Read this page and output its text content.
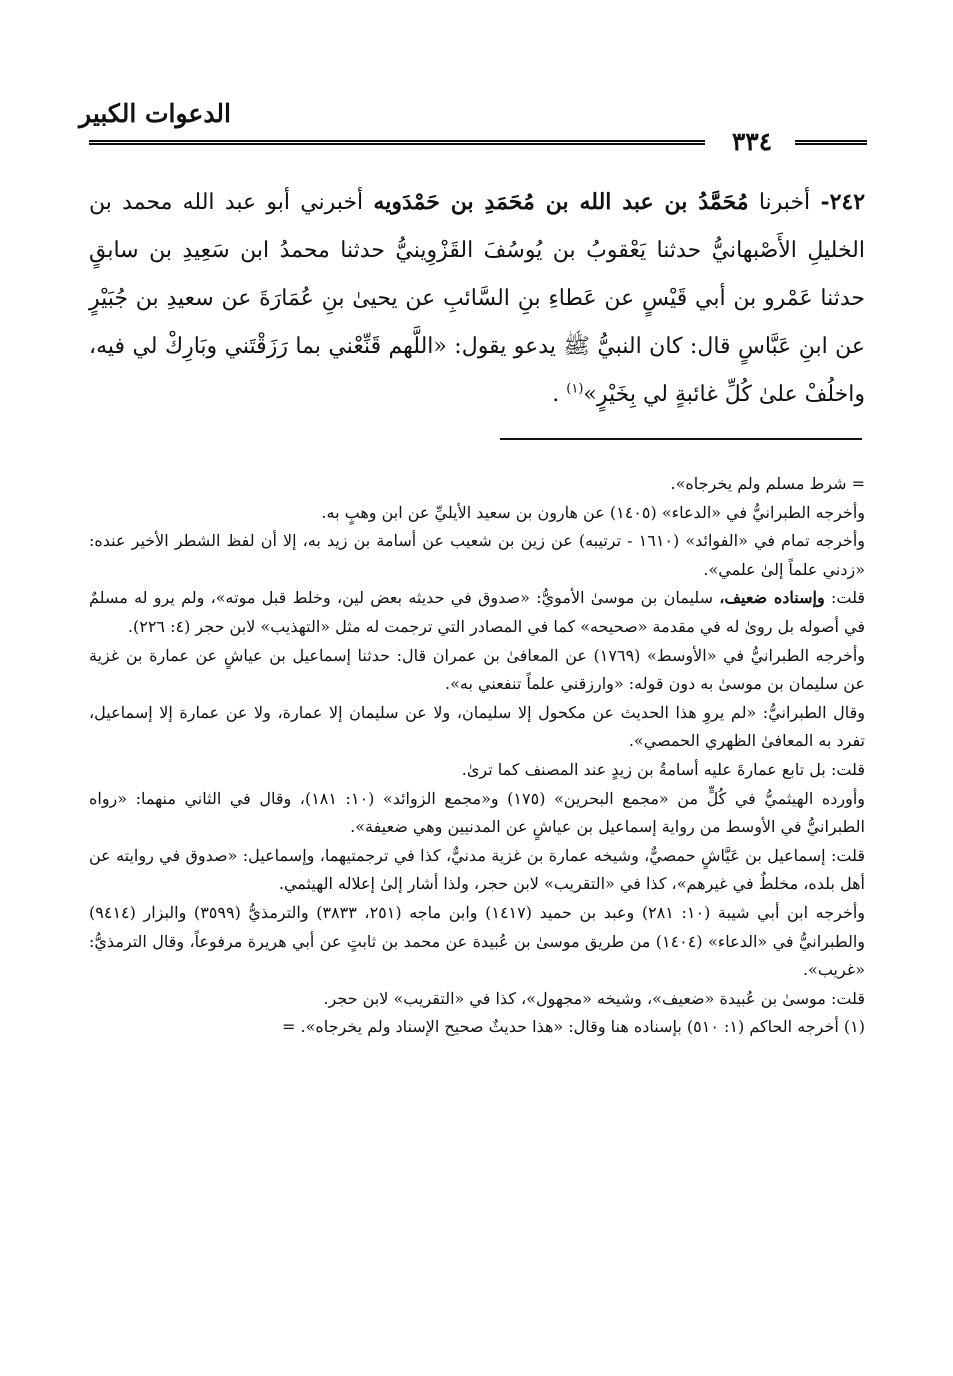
الدعوات الكبير
٣٣٤
٢٤٢- أخبرنا مُحَمَّدُ بن عبد الله بن مُحَمَدِ بن حَمْدَويه أخبرني أبو عبد الله محمد بن الخليلِ الأَصْبهانيُّ حدثنا يَعْقوبُ بن يُوسُفَ القَزْوِينيُّ حدثنا محمدُ ابن سَعِيدِ بن سابقٍ حدثنا عَمْرو بن أبي قَيْسٍ عن عَطاءِ بنِ السَّائبِ عن يحيىٰ بنِ عُمَارَةَ عن سعيدِ بن جُبَيْرٍ عن ابنِ عَبَّاسٍ قال: كان النبيُّ ﷺ يدعو يقول: «اللَّهم قَنِّعْني بما رَزَقْتَني وبَارِكْ لي فيه، واخلُفْ علىٰ كُلِّ غائبةٍ لي بِخَيْرٍ»$^{(١)}$ .

= شرط مسلم ولم يخرجاه».

وأخرجه الطبرانيُّ في «الدعاء» (١٤٠٥) عن هارون بن سعيد الأيليِّ عن ابن وهبٍ به.

وأخرجه تمام في «الفوائد» (١٦١٠ - ترتيبه) عن زين بن شعيب عن أسامة بن زيد به، إلا أن لفظ الشطر الأخير عنده: «زدني علماً إلىٰ علمي».

قلت: وإسناده ضعيف، سليمان بن موسىٰ الأمويُّ: «صدوق في حديثه بعض لين، وخلط قبل موته»، ولم يرو له مسلمٌ في أصوله بل روىٰ له في مقدمة «صحيحه» كما في المصادر التي ترجمت له مثل «التهذيب» لابن حجر (٤: ٢٢٦).

وأخرجه الطبرانيُّ في «الأوسط» (١٧٦٩) عن المعافىٰ بن عمران قال: حدثنا إسماعيل بن عياشٍ عن عمارة بن غزية عن سليمان بن موسىٰ به دون قوله: «وارزقني علماً تنفعني به».

وقال الطبرانيُّ: «لم يروِ هذا الحديث عن مكحول إلا سليمان، ولا عن سليمان إلا عمارة، ولا عن عمارة إلا إسماعيل، تفرد به المعافىٰ الظهري الحمصي».

قلت: بل تابع عمارةَ عليه أسامةُ بن زيدٍ عند المصنف كما ترىٰ.

وأورده الهيثميُّ في كُلٍّ من «مجمع البحرين» (١٧٥) و«مجمع الزوائد» (١٠: ١٨١)، وقال في الثاني منهما: «رواه الطبرانيُّ في الأوسط من رواية إسماعيل بن عياشٍ عن المدنيين وهي ضعيفة».

قلت: إسماعيل بن عَيَّاشٍ حمصيٌّ، وشيخه عمارة بن غزية مدنيٌّ، كذا في ترجمتيهما، وإسماعيل: «صدوق في روايته عن أهل بلده، مخلطٌ في غيرهم»، كذا في «التقريب» لابن حجر، ولذا أشار إلىٰ إعلاله الهيثمي.

وأخرجه ابن أبي شيبة (١٠: ٢٨١) وعبد بن حميد (١٤١٧) وابن ماجه (٢٥١، ٣٨٣٣) والترمذيُّ (٣٥٩٩) والبزار (٩٤١٤) والطبرانيُّ في «الدعاء» (١٤٠٤) من طريق موسىٰ بن عُبيدة عن محمد بن ثابتٍ عن أبي هريرة مرفوعاً، وقال الترمذيُّ: «غريب».

قلت: موسىٰ بن عُبيدة «ضعيف»، وشيخه «مجهول»، كذا في «التقريب» لابن حجر.

(١) أخرجه الحاكم (١: ٥١٠) بإسناده هنا وقال: «هذا حديثٌ صحيح الإسناد ولم يخرجاه». =
